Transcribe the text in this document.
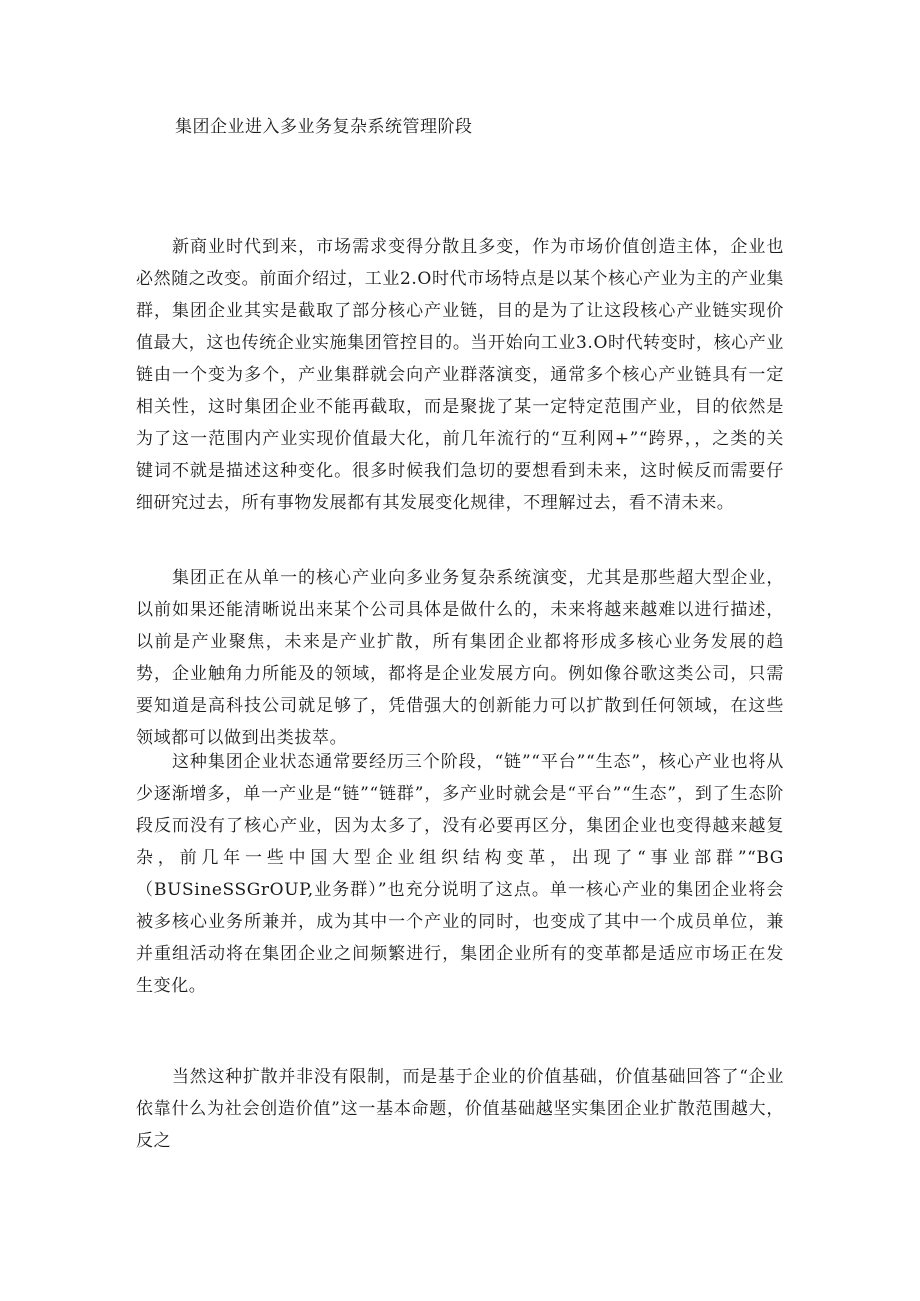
集团企业进入多业务复杂系统管理阶段

新商业时代到来，市场需求变得分散且多变，作为市场价值创造主体，企业也必然随之改变。前面介绍过，工业2.O时代市场特点是以某个核心产业为主的产业集群，集团企业其实是截取了部分核心产业链，目的是为了让这段核心产业链实现价值最大，这也传统企业实施集团管控目的。当开始向工业3.O时代转变时，核心产业链由一个变为多个，产业集群就会向产业群落演变，通常多个核心产业链具有一定相关性，这时集团企业不能再截取，而是聚拢了某一定特定范围产业，目的依然是为了这一范围内产业实现价值最大化，前几年流行的“互利网+”“跨界，，之类的关键词不就是描述这种变化。很多时候我们急切的要想看到未来，这时候反而需要仔细研究过去，所有事物发展都有其发展变化规律，不理解过去，看不清未来。

集团正在从单一的核心产业向多业务复杂系统演变，尤其是那些超大型企业，以前如果还能清晰说出来某个公司具体是做什么的，未来将越来越难以进行描述，以前是产业聚焦，未来是产业扩散，所有集团企业都将形成多核心业务发展的趋势，企业触角力所能及的领域，都将是企业发展方向。例如像谷歌这类公司，只需要知道是高科技公司就足够了，凭借强大的创新能力可以扩散到任何领域，在这些领域都可以做到出类拔萃。

这种集团企业状态通常要经历三个阶段，“链”“平台”“生态”，核心产业也将从少逐渐增多，单一产业是“链”“链群”，多产业时就会是“平台”“生态”，到了生态阶段反而没有了核心产业，因为太多了，没有必要再区分，集团企业也变得越来越复杂，前几年一些中国大型企业组织结构变革，出现了“事业部群”“BG（BUSineSSGrOUP,业务群）”也充分说明了这点。单一核心产业的集团企业将会被多核心业务所兼并，成为其中一个产业的同时，也变成了其中一个成员单位，兼并重组活动将在集团企业之间频繁进行，集团企业所有的变革都是适应市场正在发生变化。

当然这种扩散并非没有限制，而是基于企业的价值基础，价值基础回答了“企业依靠什么为社会创造价值”这一基本命题，价值基础越坚实集团企业扩散范围越大，反之
